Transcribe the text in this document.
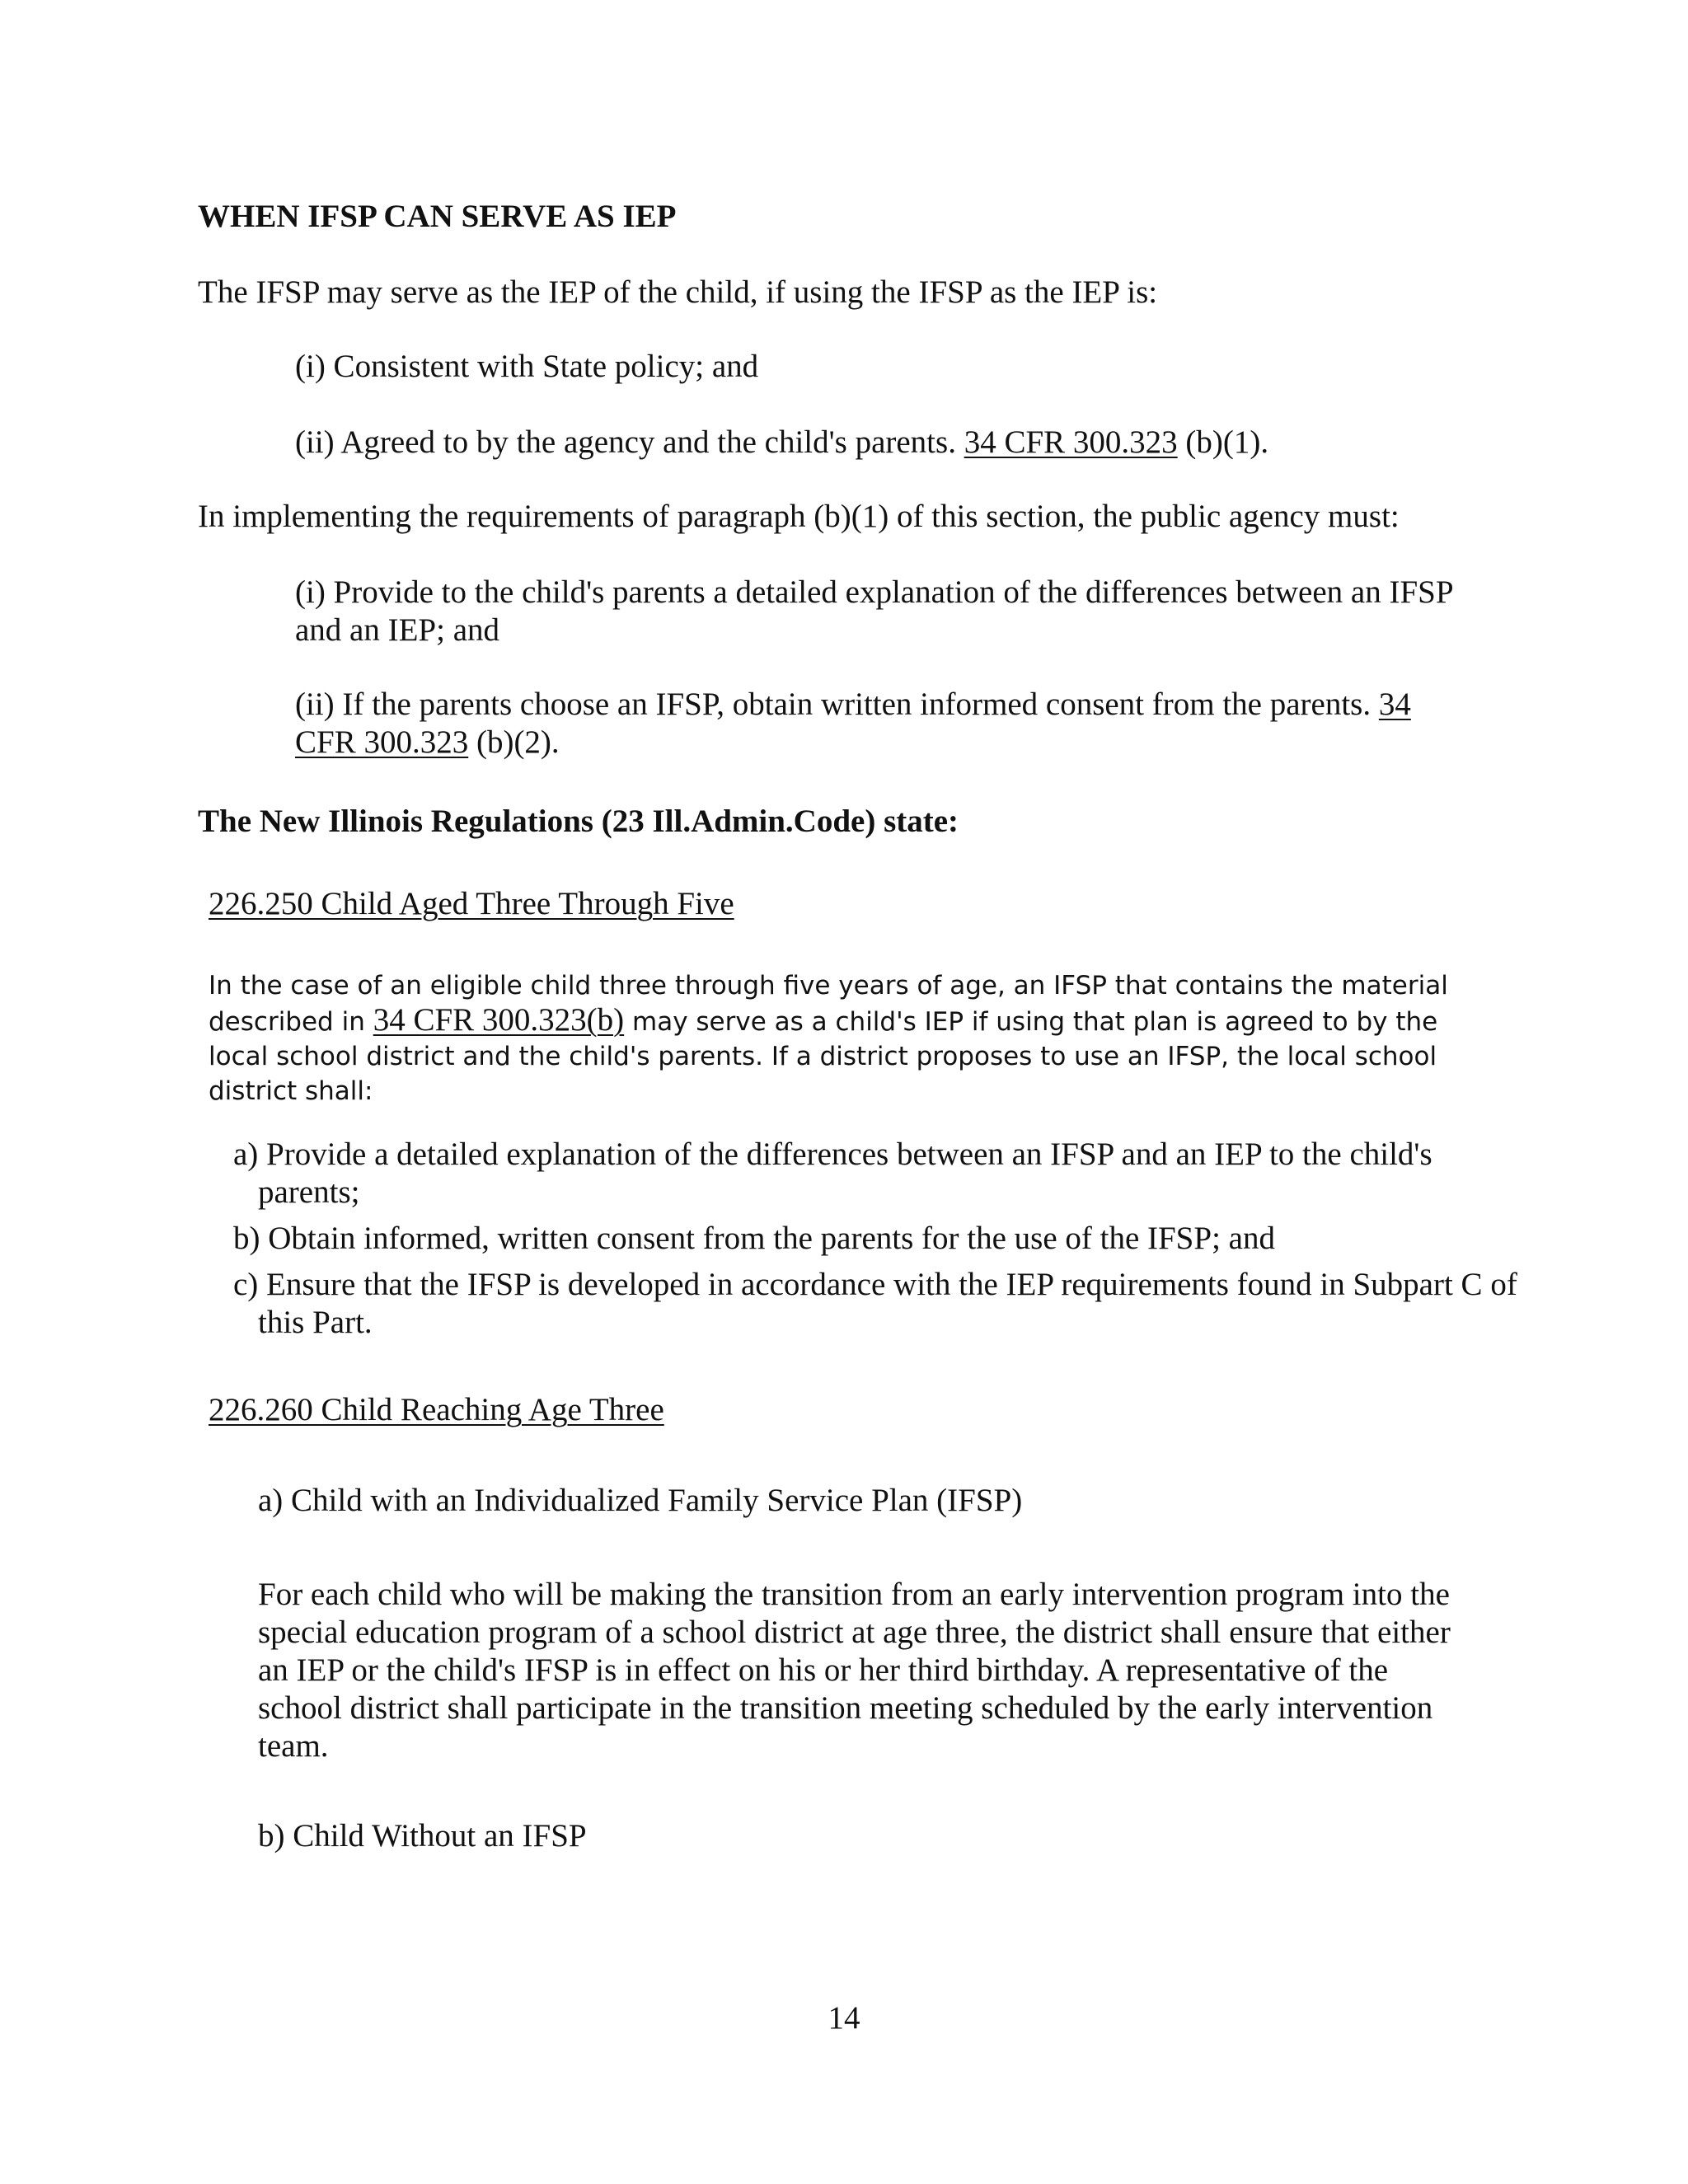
WHEN IFSP CAN SERVE AS IEP

The IFSP may serve as the IEP of the child, if using the IFSP as the IEP is:

(i) Consistent with State policy; and

(ii) Agreed to by the agency and the child's parents. 34 CFR 300.323 (b)(1).

In implementing the requirements of paragraph (b)(1) of this section, the public agency must:

(i) Provide to the child's parents a detailed explanation of the differences between an IFSP and an IEP; and

(ii) If the parents choose an IFSP, obtain written informed consent from the parents. 34 CFR 300.323 (b)(2).

The New Illinois Regulations (23 Ill.Admin.Code) state:

226.250 Child Aged Three Through Five

In the case of an eligible child three through five years of age, an IFSP that contains the material described in 34 CFR 300.323(b) may serve as a child's IEP if using that plan is agreed to by the local school district and the child's parents. If a district proposes to use an IFSP, the local school district shall:

a) Provide a detailed explanation of the differences between an IFSP and an IEP to the child's parents;

b) Obtain informed, written consent from the parents for the use of the IFSP; and

c) Ensure that the IFSP is developed in accordance with the IEP requirements found in Subpart C of this Part.

226.260 Child Reaching Age Three

a) Child with an Individualized Family Service Plan (IFSP)

For each child who will be making the transition from an early intervention program into the special education program of a school district at age three, the district shall ensure that either an IEP or the child's IFSP is in effect on his or her third birthday. A representative of the school district shall participate in the transition meeting scheduled by the early intervention team.

b) Child Without an IFSP

14
